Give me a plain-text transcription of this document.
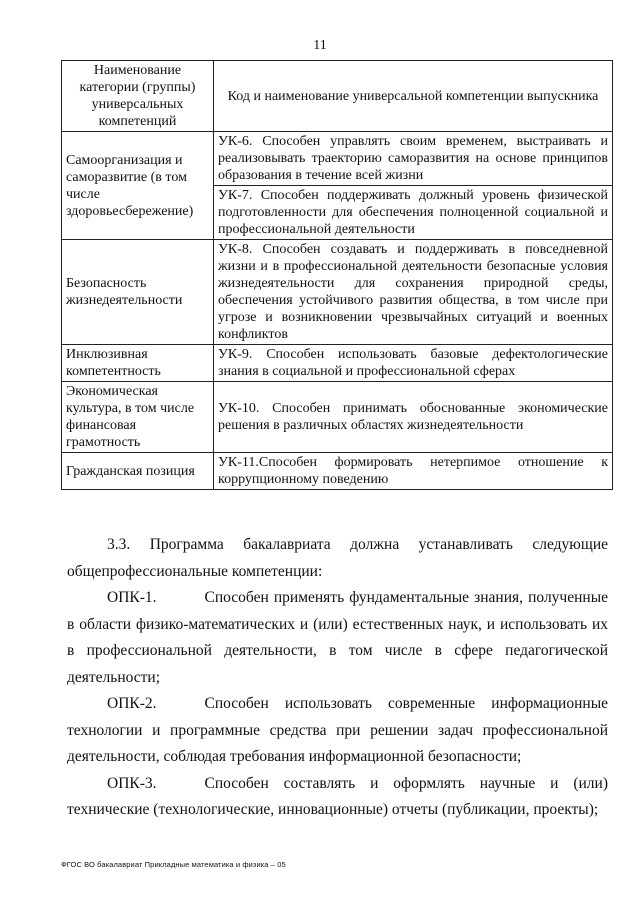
11
Наименование категории (группы) универсальных компетенций	Код и наименование универсальной компетенции выпускника
Самоорганизация и саморазвитие (в том числе здоровьесбережение)	УК-6. Способен управлять своим временем, выстраивать и реализовывать траекторию саморазвития на основе принципов образования в течение всей жизни
	УК-7. Способен поддерживать должный уровень физической подготовленности для обеспечения полноценной социальной и профессиональной деятельности
Безопасность жизнедеятельности	УК-8. Способен создавать и поддерживать в повседневной жизни и в профессиональной деятельности безопасные условия жизнедеятельности для сохранения природной среды, обеспечения устойчивого развития общества, в том числе при угрозе и возникновении чрезвычайных ситуаций и военных конфликтов
Инклюзивная компетентность	УК-9. Способен использовать базовые дефектологические знания в социальной и профессиональной сферах
Экономическая культура, в том числе финансовая грамотность	УК-10. Способен принимать обоснованные экономические решения в различных областях жизнедеятельности
Гражданская позиция	УК-11.Способен формировать нетерпимое отношение к коррупционному поведению

3.3. Программа бакалавриата должна устанавливать следующие общепрофессиональные компетенции:

ОПК-1.	Способен применять фундаментальные знания, полученные в области физико-математических и (или) естественных наук, и использовать их в профессиональной деятельности, в том числе в сфере педагогической деятельности;

ОПК-2.	Способен использовать современные информационные технологии и программные средства при решении задач профессиональной деятельности, соблюдая требования информационной безопасности;

ОПК-3.	Способен составлять и оформлять научные и (или) технические (технологические, инновационные) отчеты (публикации, проекты);

ФГОС ВО бакалавриат Прикладные математика и физика – 05
